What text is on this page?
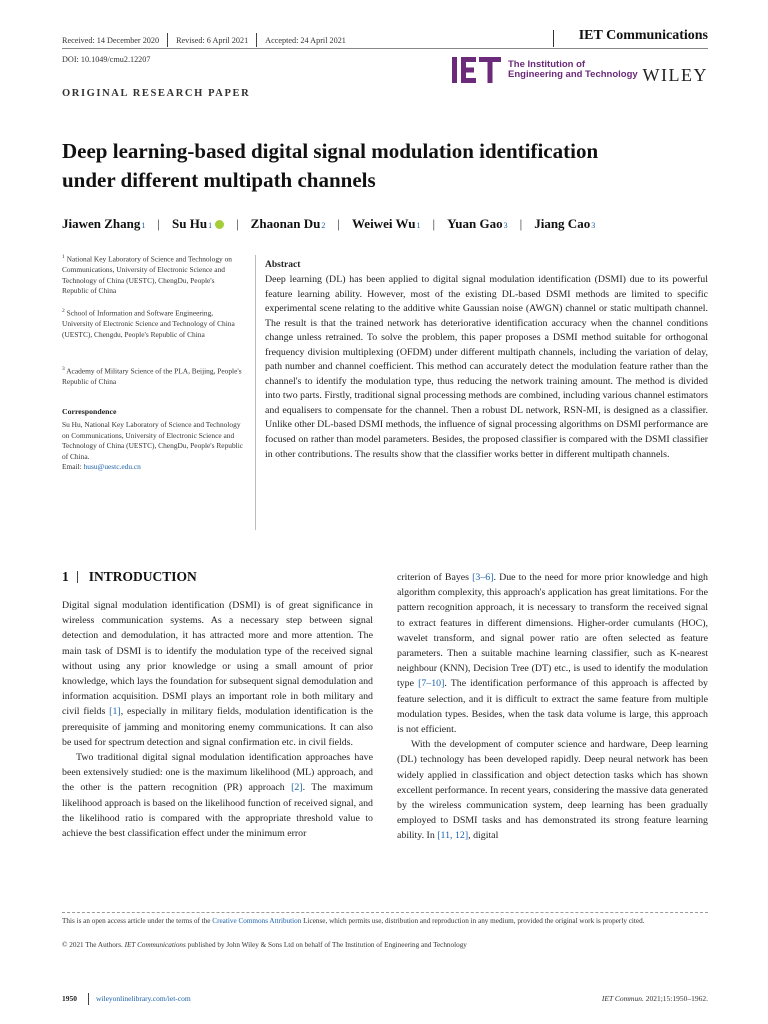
Received: 14 December 2020 Revised: 6 April 2021 Accepted: 24 April 2021	IET Communications
DOI: 10.1049/cmu2.12207	The Institution of
Engineering and Technology WILEY
ORIGINAL RESEARCH PAPER
Deep learning-based digital signal modulation identification
under different multipath channels
Jiawen Zhang 1 | Su Hu 1 | Zhaonan Du 2 | Weiwei Wu 1 | Yuan Gao 3 | Jiang Cao 3
$^1$ National Key Laboratory of Science and Technology on Communications, University of Electronic Science and Technology of China (UESTC), ChengDu, People's Republic of China
$^2$ School of Information and Software Engineering, University of Electronic Science and Technology of China (UESTC), Chengdu, People's Republic of China
$^3$ Academy of Military Science of the PLA, Beijing, People's Republic of China
Correspondence
Su Hu, National Key Laboratory of Science and Technology on Communications, University of Electronic Science and Technology of China (UESTC), ChengDu, People's Republic of China.
Email: husu@uestc.edu.cn
Abstract
Deep learning (DL) has been applied to digital signal modulation identification (DSMI) due to its powerful feature learning ability. However, most of the existing DL-based DSMI methods are limited to specific experimental scene relating to the additive white Gaussian noise (AWGN) channel or static multipath channel. The result is that the trained network has deteriorative identification accuracy when the channel conditions change unless retrained. To solve the problem, this paper proposes a DSMI method suitable for orthogonal frequency division multiplexing (OFDM) under different multipath channels, including the variation of delay, path number and channel coefficient. This method can accurately detect the modulation feature rather than the channel's to identify the modulation type, thus reducing the network training amount. The method is divided into two parts. Firstly, traditional signal processing methods are combined, including various channel estimators and equalisers to compensate for the channel. Then a robust DL network, RSN-MI, is designed as a classifier. Unlike other DL-based DSMI methods, the influence of signal processing algorithms on DSMI performance are focused on rather than model parameters. Besides, the proposed classifier is compared with the DSMI classifier in other contributions. The results show that the classifier works better in different multipath channels.
1 INTRODUCTION

Digital signal modulation identification (DSMI) is of great significance in wireless communication systems. As a necessary step between signal detection and demodulation, it has attracted more and more attention. The main task of DSMI is to identify the modulation type of the received signal without using any prior knowledge or using a small amount of prior knowledge, which lays the foundation for subsequent signal demodulation and information acquisition. DSMI plays an important role in both military and civil fields [1], especially in military fields, modulation identification is the prerequisite of jamming and monitoring enemy communications. It can also be used for spectrum detection and signal confirmation etc. in civil fields.

Two traditional digital signal modulation identification approaches have been extensively studied: one is the maximum likelihood (ML) approach, and the other is the pattern recognition (PR) approach [2]. The maximum likelihood approach is based on the likelihood function of received signal, and the likelihood ratio is compared with the appropriate threshold value to achieve the best classification effect under the minimum error

criterion of Bayes [3–6]. Due to the need for more prior knowledge and high algorithm complexity, this approach's application has great limitations. For the pattern recognition approach, it is necessary to transform the received signal to extract features in different dimensions. Higher-order cumulants (HOC), wavelet transform, and signal power ratio are often selected as feature parameters. Then a suitable machine learning classifier, such as K-nearest neighbour (KNN), Decision Tree (DT) etc., is used to identify the modulation type [7–10]. The identification performance of this approach is affected by feature selection, and it is difficult to extract the same feature from multiple modulation types. Besides, when the task data volume is large, this approach is not efficient.

With the development of computer science and hardware, Deep learning (DL) technology has been developed rapidly. Deep neural network has been widely applied in classification and object detection tasks which has shown excellent performance. In recent years, considering the massive data generated by the wireless communication system, deep learning has been gradually employed to DSMI tasks and has demonstrated its strong feature learning ability. In [11, 12], digital

This is an open access article under the terms of the Creative Commons Attribution License, which permits use, distribution and reproduction in any medium, provided the original work is properly cited.
© 2021 The Authors. IET Communications published by John Wiley & Sons Ltd on behalf of The Institution of Engineering and Technology
1950	wileyonlinelibrary.com/iet-com	IET Commun. 2021;15:1950–1962.
